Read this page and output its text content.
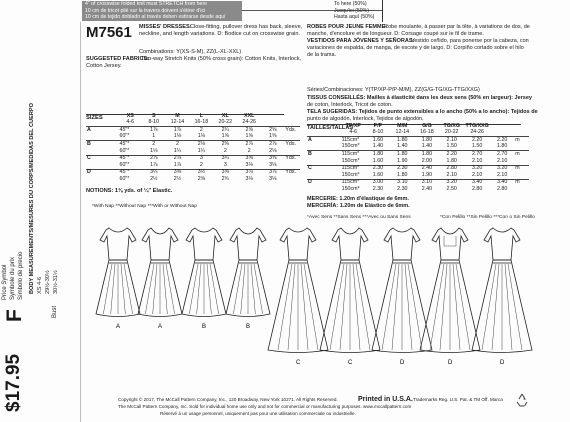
4" of crosswise folded knit must STRETCH from here
10 cm de tricot plié sur la travers doivent s'étirer d'ici
10 cm de tejido doblado al través deben estirarse desde aquí
To here (50%)
Jusqu'ici (50%)
Hasta aquí (50%)
$17.95
F
Price Symbol Symbole du prix Símbolo de precio
Bust
BODY MEASUREMENTS/MESURES DU CORPS/MEDIDAS DEL CUERPO XS 4-6 29½-30½ 30½-31½
M7561 MISSES' DRESSES:
Close-fitting, pullover dress has back, sleeve,
neckline, and length variations. D: Bodice cut on crosswise grain.
Combinations: Y(XS-S-M), ZZ(L-XL-XXL)
SUGGESTED FABRICS:
Two-way Stretch Knits (50% cross grain): Cotton Knits, Interlock,
Cotton Jersey.
SIZES

		XS	S	M	L	XL	XXL		
	4-6	8-10	12-14	16-18	20-22	24-26		
A	45"*	1⅞	1⅞	2	2¼	2⅝	2⅝	Yds.
	60"*	1	1⅛	1⅛	1⅝	1⅝	1⅝	
B	45"*	2	2	2⅛	2⅜	2⅞	2⅞	Yds.
	60"*	1⅛	1¼	1¼	2	2	2⅛	
C	45"*	2⅞	2⅞	3	3¼	3⅝	3⅝	Yds.
	60"*	1⅞	1⅞	2	3	3⅛	3⅛	
D	45"*	3¼	3⅜	3½	3⅝	3⅞	3⅞	Yds.
	60"*	2½	2½	2⅝	2¾	3⅛	3⅛	
NOTIONS: 1⅜ yds. of ¼" Elastic.
*With Nap **Without Nap ***With or Without Nap
ROBES POUR JEUNE FEMME:
Robe moulante, à passer par la tête, à variations de dos, de
manche, d'encolure et de longueur. D: Corsage coupé sur le fil de trame.
VESTIDOS PARA JÓVENES Y SEÑORAS:
Vestido ceñido, para ponerse por la cabeza, con
variaciones de espalda, de manga, de escote y de largo. D: Corpiño cortado sobre el hilo
de la trama.
Séries/Combinaciones: Y(TP/XP-P/P-M/M), ZZ(G/G-TG/XG-TTG/XXG)
TISSUS CONSEILLÉS: Mailles à élasticité dans les deux sens (50% en largeur): Jersey
de coton, Interlock, Tricot de coton.
TELA SUGERIDAS: Tejidos de punto extensibles a lo ancho (50% a lo ancho): Tejidos de
punto de algodón, Interlock, Tejidos de algodón.
TAILLES/TALLAS

	TP/XP	P/P	M/M	G/G	TG/XG	TTG/XXG		
	4-6	8-10	12-14	16-18	20-22	24-26		
A	115cm*	1.60	1.80	1.80	2.10	2.20	2.20	m
	150cm*	1.40	1.40	1.40	1.50	1.50	1.80	
B	115cm*	1.80	1.80	1.80	2.20	2.70	2.70	m
	150cm*	1.60	1.90	2.00	1.80	2.10	2.10	
C	115cm*	2.30	2.30	2.40	2.80	3.20	3.20	m
	150cm*	1.60	1.80	1.90	2.10	2.10	2.10	
D	115cm*	3.00	3.10	3.10	3.20	3.40	3.40	m
	150cm*	2.30	2.30	2.40	2.50	2.80	2.80	
MERCERIE: 1.20m d'élastique de 6mm.
MERCERÍA: 1.20m de Elástico de 6mm.
*Avec Sens **Sans Sens ***Avec ou Sans Sens	*Con Pelillo **Sin Pelillo ***Con o Sin Pelillo
A	A	B	B
C	C	D	D	D
Copyright © 2017, The McCall Pattern Company, Inc., 120 Broadway, New York 10271. All Rights Reserved.	Printed in U.S.A. Trademarks Reg. U.S. Pat. & TM Off. Marca
The McCall Pattern Company, Inc. Sold for individual home use only and not for commercial or manufacturing purposes. www.mccallpattern.com
Réservé à un usage personnel, uniquement pas pour une utilisation commerciale ou industrielle.
